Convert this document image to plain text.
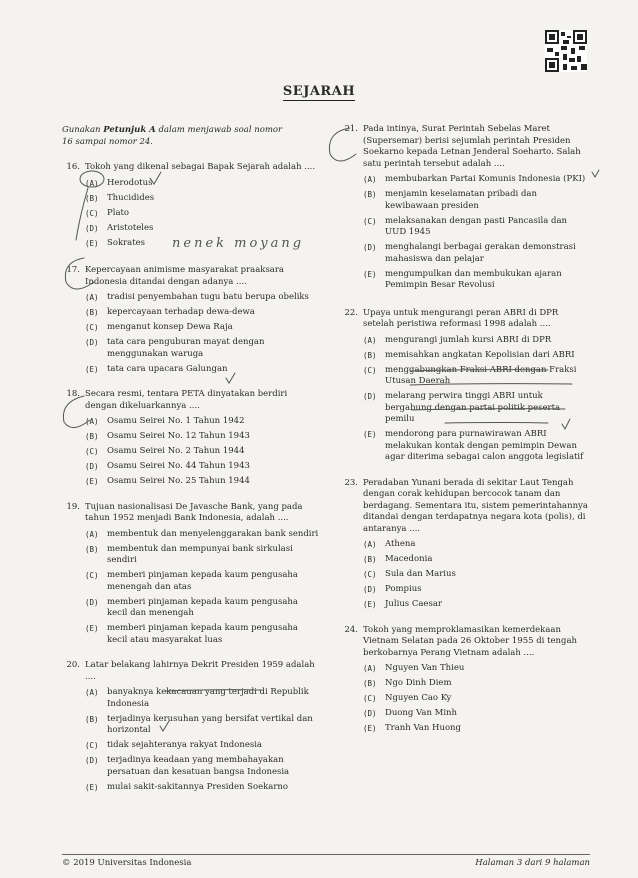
SEJARAH
Gunakan Petunjuk A dalam menjawab soal nomor 16 sampai nomor 24.
16. Tokoh yang dikenal sebagai Bapak Sejarah adalah ....
(A) Herodotus
(B) Thucidides
(C) Plato
(D) Aristoteles
(E) Sokrates
17. Kepercayaan animisme masyarakat praaksara Indonesia ditandai dengan adanya ....
(A) tradisi penyembahan tugu batu berupa obeliks
(B) kepercayaan terhadap dewa-dewa
(C) menganut konsep Dewa Raja
(D) tata cara penguburan mayat dengan menggunakan waruga
(E) tata cara upacara Galungan
18. Secara resmi, tentara PETA dinyatakan berdiri dengan dikeluarkannya ....
(A) Osamu Seirei No. 1 Tahun 1942
(B) Osamu Seirei No. 12 Tahun 1943
(C) Osamu Seirei No. 2 Tahun 1944
(D) Osamu Seirei No. 44 Tahun 1943
(E) Osamu Seirei No. 25 Tahun 1944
19. Tujuan nasionalisasi De Javasche Bank, yang pada tahun 1952 menjadi Bank Indonesia, adalah ....
(A) membentuk dan menyelenggarakan bank sendiri
(B) membentuk dan mempunyai bank sirkulasi sendiri
(C) memberi pinjaman kepada kaum pengusaha menengah dan atas
(D) memberi pinjaman kepada kaum pengusaha kecil dan menengah
(E) memberi pinjaman kepada kaum pengusaha kecil atau masyarakat luas
20. Latar belakang lahirnya Dekrit Presiden 1959 adalah ....
(A) banyaknya kekacauan yang terjadi di Republik Indonesia
(B) terjadinya kerusuhan yang bersifat vertikal dan horizontal
(C) tidak sejahteranya rakyat Indonesia
(D) terjadinya keadaan yang membahayakan persatuan dan kesatuan bangsa Indonesia
(E) mulai sakit-sakitannya Presiden Soekarno
21. Pada intinya, Surat Perintah Sebelas Maret (Supersemar) berisi sejumlah perintah Presiden Soekarno kepada Letnan Jenderal Soeharto. Salah satu perintah tersebut adalah ....
(A) membubarkan Partai Komunis Indonesia (PKI)
(B) menjamin keselamatan pribadi dan kewibawaan presiden
(C) melaksanakan dengan pasti Pancasila dan UUD 1945
(D) menghalangi berbagai gerakan demonstrasi mahasiswa dan pelajar
(E) mengumpulkan dan membukukan ajaran Pemimpin Besar Revolusi
22. Upaya untuk mengurangi peran ABRI di DPR setelah peristiwa reformasi 1998 adalah ....
(A) mengurangi jumlah kursi ABRI di DPR
(B) memisahkan angkatan Kepolisian dari ABRI
(C) menggabungkan Fraksi ABRI dengan Fraksi Utusan Daerah
(D) melarang perwira tinggi ABRI untuk bergabung dengan partai politik peserta pemilu
(E) mendorong para purnawirawan ABRI melakukan kontak dengan pemimpin Dewan agar diterima sebagai calon anggota legislatif
23. Peradaban Yunani berada di sekitar Laut Tengah dengan corak kehidupan bercocok tanam dan berdagang. Sementara itu, sistem pemerintahannya ditandai dengan terdapatnya negara kota (polis), di antaranya ....
(A) Athena
(B) Macedonia
(C) Sula dan Marius
(D) Pompius
(E) Julius Caesar
24. Tokoh yang memproklamasikan kemerdekaan Vietnam Selatan pada 26 Oktober 1955 di tengah berkobarnya Perang Vietnam adalah ....
(A) Nguyen Van Thieu
(B) Ngo Dinh Diem
(C) Nguyen Cao Ky
(D) Duong Van Minh
(E) Tranh Van Huong
nenek moyang
© 2019 Universitas Indonesia	Halaman 3 dari 9 halaman
